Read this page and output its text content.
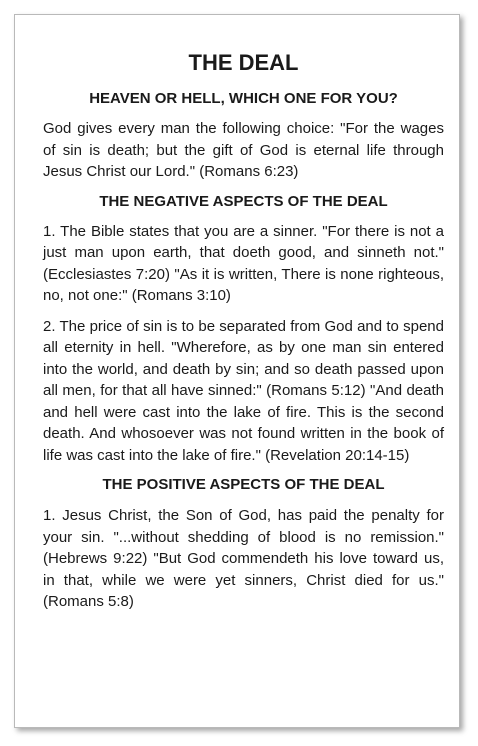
THE DEAL
HEAVEN OR HELL, WHICH ONE FOR YOU?
God gives every man the following choice: "For the wages of sin is death; but the gift of God is eternal life through Jesus Christ our Lord." (Romans 6:23)
THE NEGATIVE ASPECTS OF THE DEAL
1. The Bible states that you are a sinner. "For there is not a just man upon earth, that doeth good, and sinneth not." (Ecclesiastes 7:20) "As it is written, There is none righteous, no, not one:" (Romans 3:10)
2. The price of sin is to be separated from God and to spend all eternity in hell. "Wherefore, as by one man sin entered into the world, and death by sin; and so death passed upon all men, for that all have sinned:" (Romans 5:12) "And death and hell were cast into the lake of fire. This is the second death. And whosoever was not found written in the book of life was cast into the lake of fire." (Revelation 20:14-15)
THE POSITIVE ASPECTS OF THE DEAL
1. Jesus Christ, the Son of God, has paid the penalty for your sin. "...without shedding of blood is no remission." (Hebrews 9:22) "But God commendeth his love toward us, in that, while we were yet sinners, Christ died for us." (Romans 5:8)
